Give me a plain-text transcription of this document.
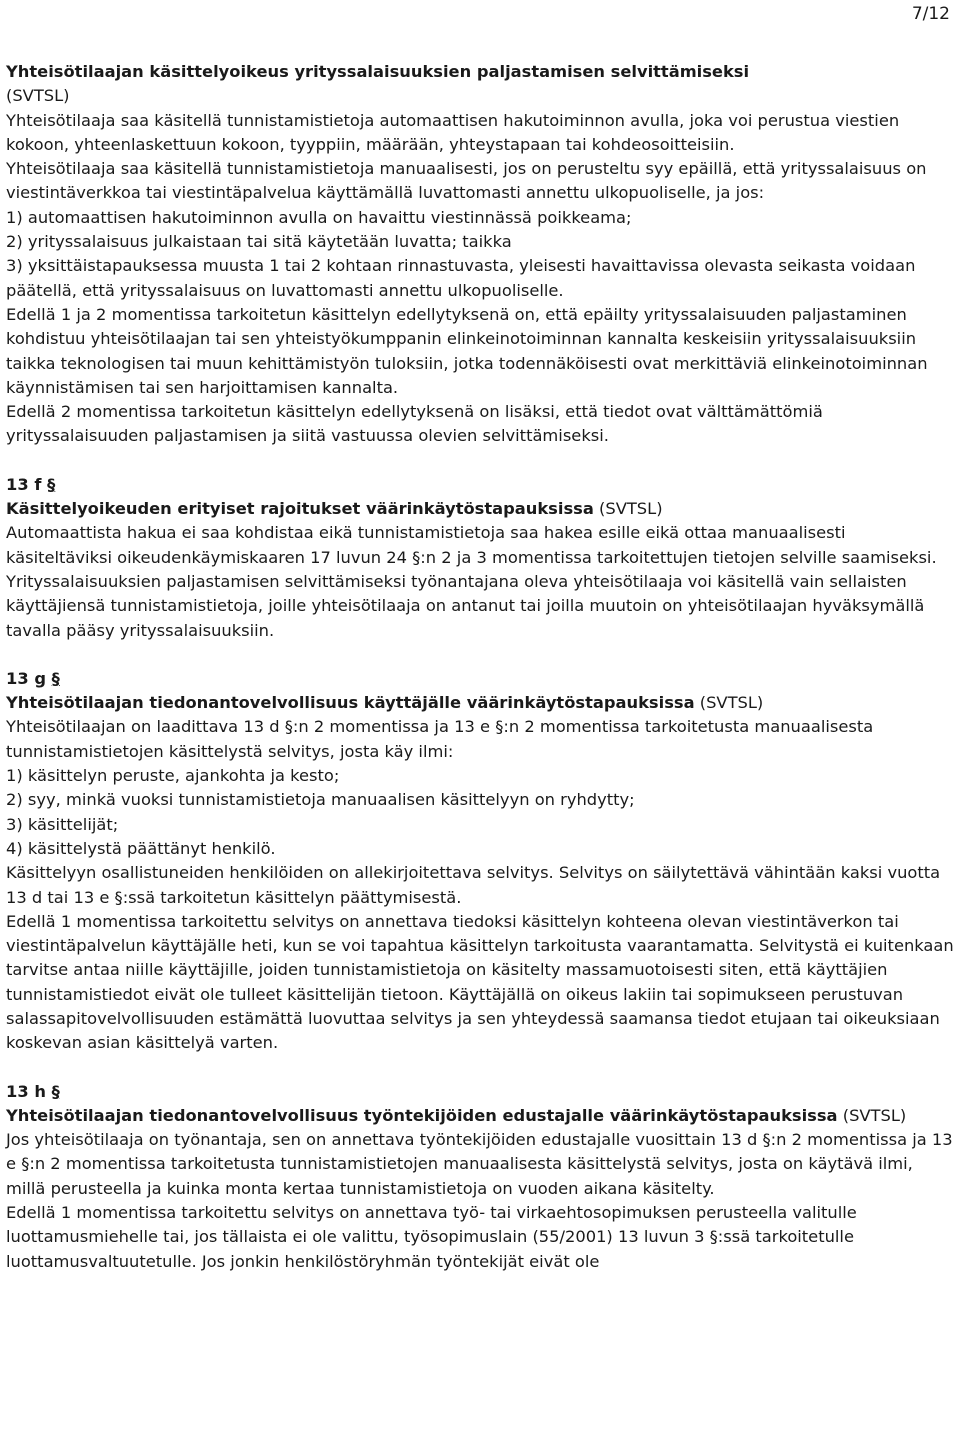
7/12

Yhteisötilaajan käsittelyoikeus yrityssalaisuuksien paljastamisen selvittämiseksi
(SVTSL)

Yhteisötilaaja saa käsitellä tunnistamistietoja automaattisen hakutoiminnon avulla, joka voi perustua viestien kokoon, yhteenlaskettuun kokoon, tyyppiin, määrään, yhteystapaan tai kohdeosoitteisiin.

Yhteisötilaaja saa käsitellä tunnistamistietoja manuaalisesti, jos on perusteltu syy epäillä, että yrityssalaisuus on viestintäverkkoa tai viestintäpalvelua käyttämällä luvattomasti annettu ulkopuoliselle, ja jos:

1) automaattisen hakutoiminnon avulla on havaittu viestinnässä poikkeama;

2) yrityssalaisuus julkaistaan tai sitä käytetään luvatta; taikka

3) yksittäistapauksessa muusta 1 tai 2 kohtaan rinnastuvasta, yleisesti havaittavissa olevasta seikasta voidaan päätellä, että yrityssalaisuus on luvattomasti annettu ulkopuoliselle.

Edellä 1 ja 2 momentissa tarkoitetun käsittelyn edellytyksenä on, että epäilty yrityssalaisuuden paljastaminen kohdistuu yhteisötilaajan tai sen yhteistyökumppanin elinkeinotoiminnan kannalta keskeisiin yrityssalaisuuksiin taikka teknologisen tai muun kehittämistyön tuloksiin, jotka todennäköisesti ovat merkittäviä elinkeinotoiminnan käynnistämisen tai sen harjoittamisen kannalta.

Edellä 2 momentissa tarkoitetun käsittelyn edellytyksenä on lisäksi, että tiedot ovat välttämättömiä yrityssalaisuuden paljastamisen ja siitä vastuussa olevien selvittämiseksi.

13 f §

Käsittelyoikeuden erityiset rajoitukset väärinkäytöstapauksissa (SVTSL)

Automaattista hakua ei saa kohdistaa eikä tunnistamistietoja saa hakea esille eikä ottaa manuaalisesti käsiteltäviksi oikeudenkäymiskaaren 17 luvun 24 §:n 2 ja 3 momentissa tarkoitettujen tietojen selville saamiseksi.

Yrityssalaisuuksien paljastamisen selvittämiseksi työnantajana oleva yhteisötilaaja voi käsitellä vain sellaisten käyttäjiensä tunnistamistietoja, joille yhteisötilaaja on antanut tai joilla muutoin on yhteisötilaajan hyväksymällä tavalla pääsy yrityssalaisuuksiin.

13 g §

Yhteisötilaajan tiedonantovelvollisuus käyttäjälle väärinkäytöstapauksissa (SVTSL)

Yhteisötilaajan on laadittava 13 d §:n 2 momentissa ja 13 e §:n 2 momentissa tarkoitetusta manuaalisesta tunnistamistietojen käsittelystä selvitys, josta käy ilmi:

1) käsittelyn peruste, ajankohta ja kesto;

2) syy, minkä vuoksi tunnistamistietoja manuaalisen käsittelyyn on ryhdytty;

3) käsittelijät;

4) käsittelystä päättänyt henkilö.

Käsittelyyn osallistuneiden henkilöiden on allekirjoitettava selvitys. Selvitys on säilytettävä vähintään kaksi vuotta 13 d tai 13 e §:ssä tarkoitetun käsittelyn päättymisestä.

Edellä 1 momentissa tarkoitettu selvitys on annettava tiedoksi käsittelyn kohteena olevan viestintäverkon tai viestintäpalvelun käyttäjälle heti, kun se voi tapahtua käsittelyn tarkoitusta vaarantamatta. Selvitystä ei kuitenkaan tarvitse antaa niille käyttäjille, joiden tunnistamistietoja on käsitelty massamuotoisesti siten, että käyttäjien tunnistamistiedot eivät ole tulleet käsittelijän tietoon. Käyttäjällä on oikeus lakiin tai sopimukseen perustuvan salassapitovelvollisuuden estämättä luovuttaa selvitys ja sen yhteydessä saamansa tiedot etujaan tai oikeuksiaan koskevan asian käsittelyä varten.

13 h §

Yhteisötilaajan tiedonantovelvollisuus työntekijöiden edustajalle väärinkäytöstapauksissa (SVTSL)

Jos yhteisötilaaja on työnantaja, sen on annettava työntekijöiden edustajalle vuosittain 13 d §:n 2 momentissa ja 13 e §:n 2 momentissa tarkoitetusta tunnistamistietojen manuaalisesta käsittelystä selvitys, josta on käytävä ilmi, millä perusteella ja kuinka monta kertaa tunnistamistietoja on vuoden aikana käsitelty.

Edellä 1 momentissa tarkoitettu selvitys on annettava työ- tai virkaehtosopimuksen perusteella valitulle luottamusmiehelle tai, jos tällaista ei ole valittu, työsopimuslain (55/2001) 13 luvun 3 §:ssä tarkoitetulle luottamusvaltuutetulle. Jos jonkin henkilöstöryhmän työntekijät eivät ole
